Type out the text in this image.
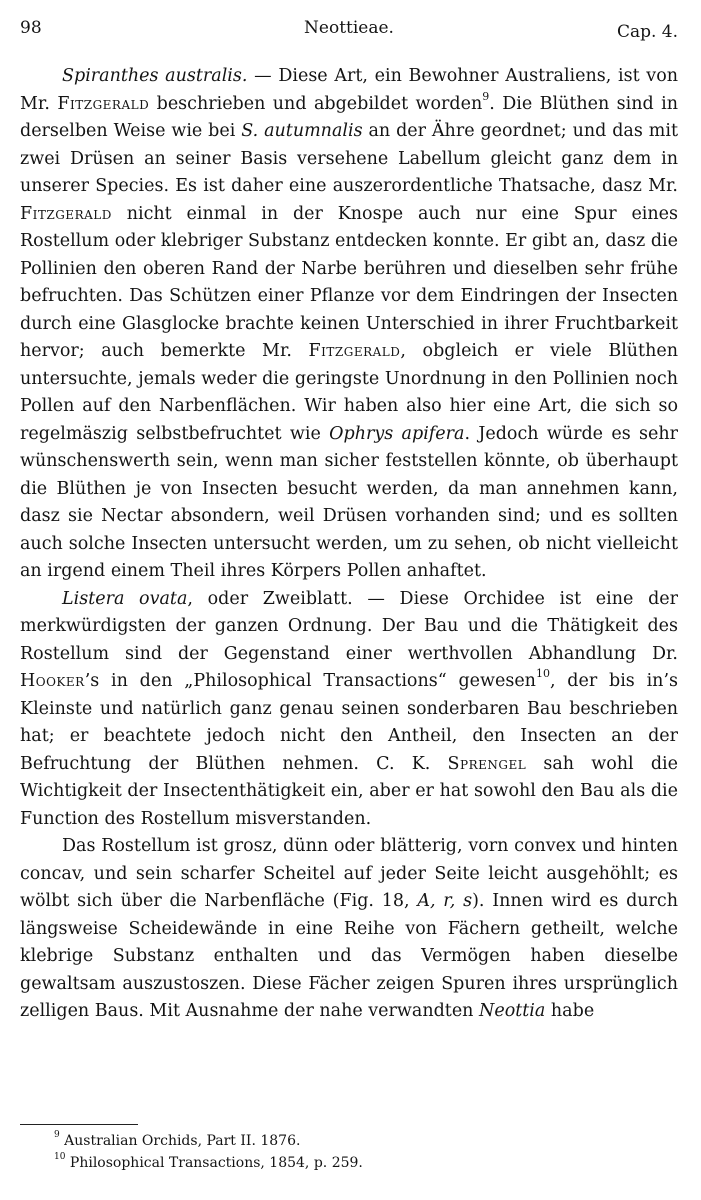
98	Neottieae.	Cap. 4.

Spiranthes australis. — Diese Art, ein Bewohner Australiens, ist von Mr. Fitzgerald beschrieben und abgebildet worden$^9$. Die Blüthen sind in derselben Weise wie bei S. autumnalis an der Ähre geordnet; und das mit zwei Drüsen an seiner Basis versehene Labellum gleicht ganz dem in unserer Species. Es ist daher eine auszerordentliche Thatsache, dasz Mr. Fitzgerald nicht einmal in der Knospe auch nur eine Spur eines Rostellum oder klebriger Substanz entdecken konnte. Er gibt an, dasz die Pollinien den oberen Rand der Narbe berühren und dieselben sehr frühe befruchten. Das Schützen einer Pflanze vor dem Eindringen der Insecten durch eine Glasglocke brachte keinen Unterschied in ihrer Fruchtbarkeit hervor; auch bemerkte Mr. Fitzgerald, obgleich er viele Blüthen untersuchte, jemals weder die geringste Unordnung in den Pollinien noch Pollen auf den Narbenflächen. Wir haben also hier eine Art, die sich so regelmäszig selbstbefruchtet wie Ophrys apifera. Jedoch würde es sehr wünschenswerth sein, wenn man sicher feststellen könnte, ob überhaupt die Blüthen je von Insecten besucht werden, da man annehmen kann, dasz sie Nectar absondern, weil Drüsen vorhanden sind; und es sollten auch solche Insecten untersucht werden, um zu sehen, ob nicht vielleicht an irgend einem Theil ihres Körpers Pollen anhaftet.

Listera ovata, oder Zweiblatt. — Diese Orchidee ist eine der merkwürdigsten der ganzen Ordnung. Der Bau und die Thätigkeit des Rostellum sind der Gegenstand einer werthvollen Abhandlung Dr. Hooker’s in den „Philosophical Transactions“ gewesen$^{10}$, der bis in’s Kleinste und natürlich ganz genau seinen sonderbaren Bau beschrieben hat; er beachtete jedoch nicht den Antheil, den Insecten an der Befruchtung der Blüthen nehmen. C. K. Sprengel sah wohl die Wichtigkeit der Insectenthätigkeit ein, aber er hat sowohl den Bau als die Function des Rostellum misverstanden.

Das Rostellum ist grosz, dünn oder blätterig, vorn convex und hinten concav, und sein scharfer Scheitel auf jeder Seite leicht ausgehöhlt; es wölbt sich über die Narbenfläche (Fig. 18, A, r, s). Innen wird es durch längsweise Scheidewände in eine Reihe von Fächern getheilt, welche klebrige Substanz enthalten und das Vermögen haben dieselbe gewaltsam auszustoszen. Diese Fächer zeigen Spuren ihres ursprünglich zelligen Baus. Mit Ausnahme der nahe verwandten Neottia habe

$^9$ Australian Orchids, Part II. 1876.
$^{10}$ Philosophical Transactions, 1854, p. 259.
